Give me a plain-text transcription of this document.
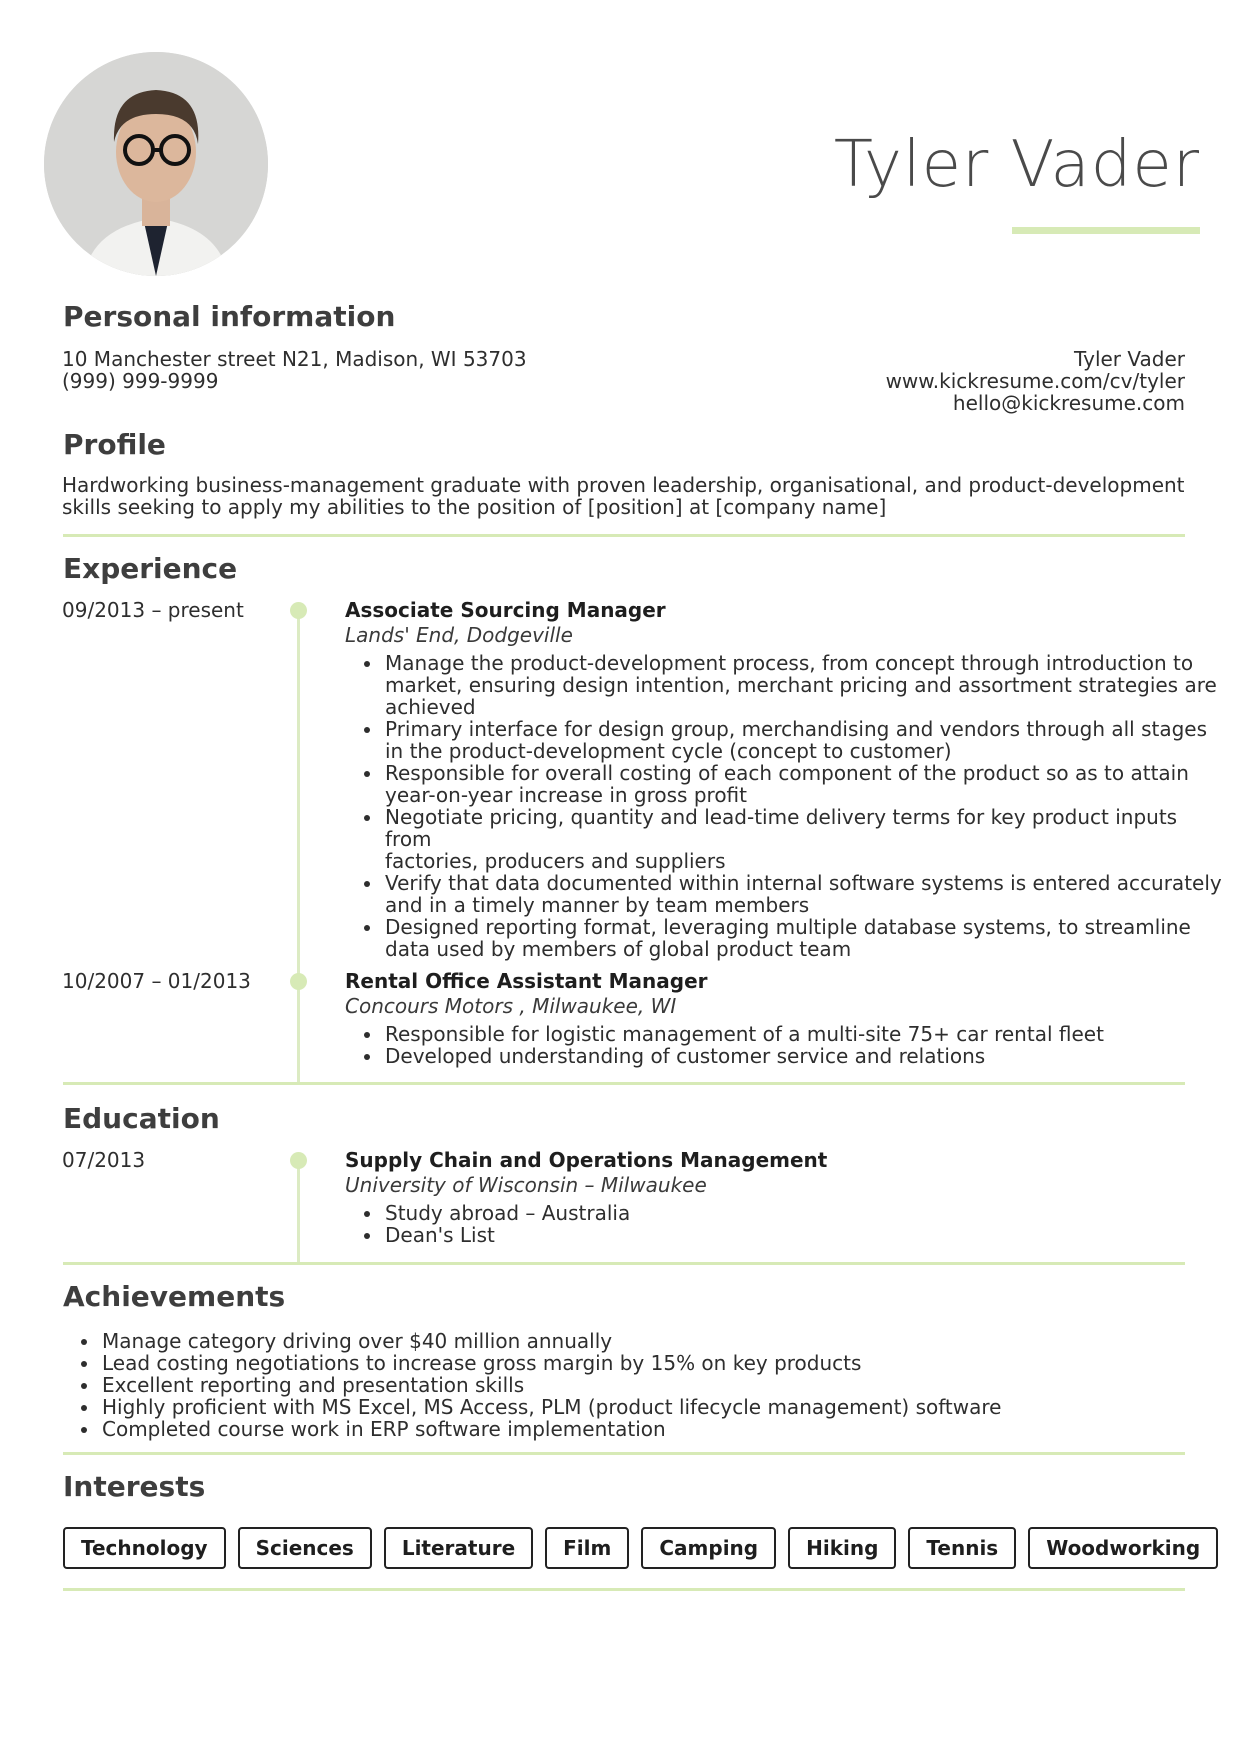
Tyler Vader
Personal information
10 Manchester street N21, Madison, WI 53703
(999) 999-9999
Tyler Vader
www.kickresume.com/cv/tyler
hello@kickresume.com
Profile
Hardworking business-management graduate with proven leadership, organisational, and product-development
skills seeking to apply my abilities to the position of [position] at [company name]
Experience
09/2013 – present	Associate Sourcing Manager
Lands' End, Dodgeville
Manage the product-development process, from concept through introduction to
market, ensuring design intention, merchant pricing and assortment strategies are
achieved
Primary interface for design group, merchandising and vendors through all stages
in the product-development cycle (concept to customer)
Responsible for overall costing of each component of the product so as to attain
year-on-year increase in gross profit
Negotiate pricing, quantity and lead-time delivery terms for key product inputs from
factories, producers and suppliers
Verify that data documented within internal software systems is entered accurately
and in a timely manner by team members
Designed reporting format, leveraging multiple database systems, to streamline
data used by members of global product team
10/2007 – 01/2013	Rental Office Assistant Manager
Concours Motors , Milwaukee, WI
Responsible for logistic management of a multi-site 75+ car rental fleet
Developed understanding of customer service and relations
Education
07/2013	Supply Chain and Operations Management
University of Wisconsin – Milwaukee
Study abroad – Australia
Dean's List
Achievements
Manage category driving over $40 million annually
Lead costing negotiations to increase gross margin by 15% on key products
Excellent reporting and presentation skills
Highly proficient with MS Excel, MS Access, PLM (product lifecycle management) software
Completed course work in ERP software implementation
Interests
Technology	Sciences	Literature	Film	Camping	Hiking	Tennis	Woodworking
